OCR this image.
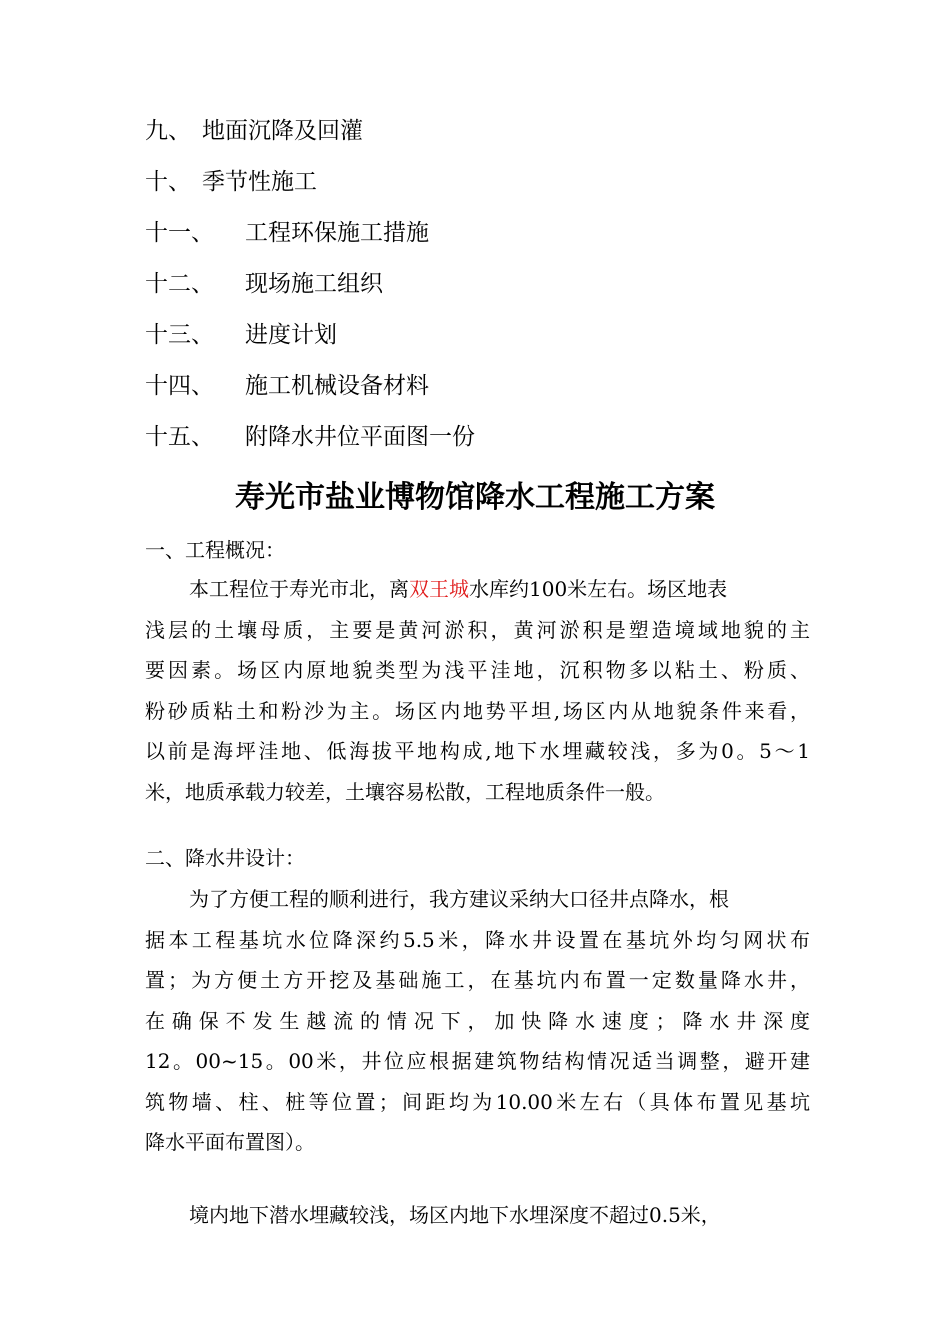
九、 地面沉降及回灌
十、 季节性施工
十一、 工程环保施工措施
十二、 现场施工组织
十三、 进度计划
十四、 施工机械设备材料
十五、 附降水井位平面图一份
寿光市盐业博物馆降水工程施工方案
一、工程概况：
本工程位于寿光市北，离双王城水库约100米左右。场区地表
浅层的土壤母质，主要是黄河淤积，黄河淤积是塑造境域地貌的主
要因素。场区内原地貌类型为浅平洼地，沉积物多以粘土、粉质、
粉砂质粘土和粉沙为主。场区内地势平坦,场区内从地貌条件来看，
以前是海坪洼地、低海拔平地构成,地下水埋藏较浅，多为0。5～1
米，地质承载力较差，土壤容易松散，工程地质条件一般。
二、降水井设计：
为了方便工程的顺利进行，我方建议采纳大口径井点降水，根
据本工程基坑水位降深约5.5米，降水井设置在基坑外均匀网状布
置；为方便土方开挖及基础施工，在基坑内布置一定数量降水井，
在确保不发生越流的情况下，加快降水速度；降水井深度
12。00~15。00米，井位应根据建筑物结构情况适当调整，避开建
筑物墙、柱、桩等位置；间距均为10.00米左右（具体布置见基坑
降水平面布置图）。
境内地下潜水埋藏较浅，场区内地下水埋深度不超过0.5米，
